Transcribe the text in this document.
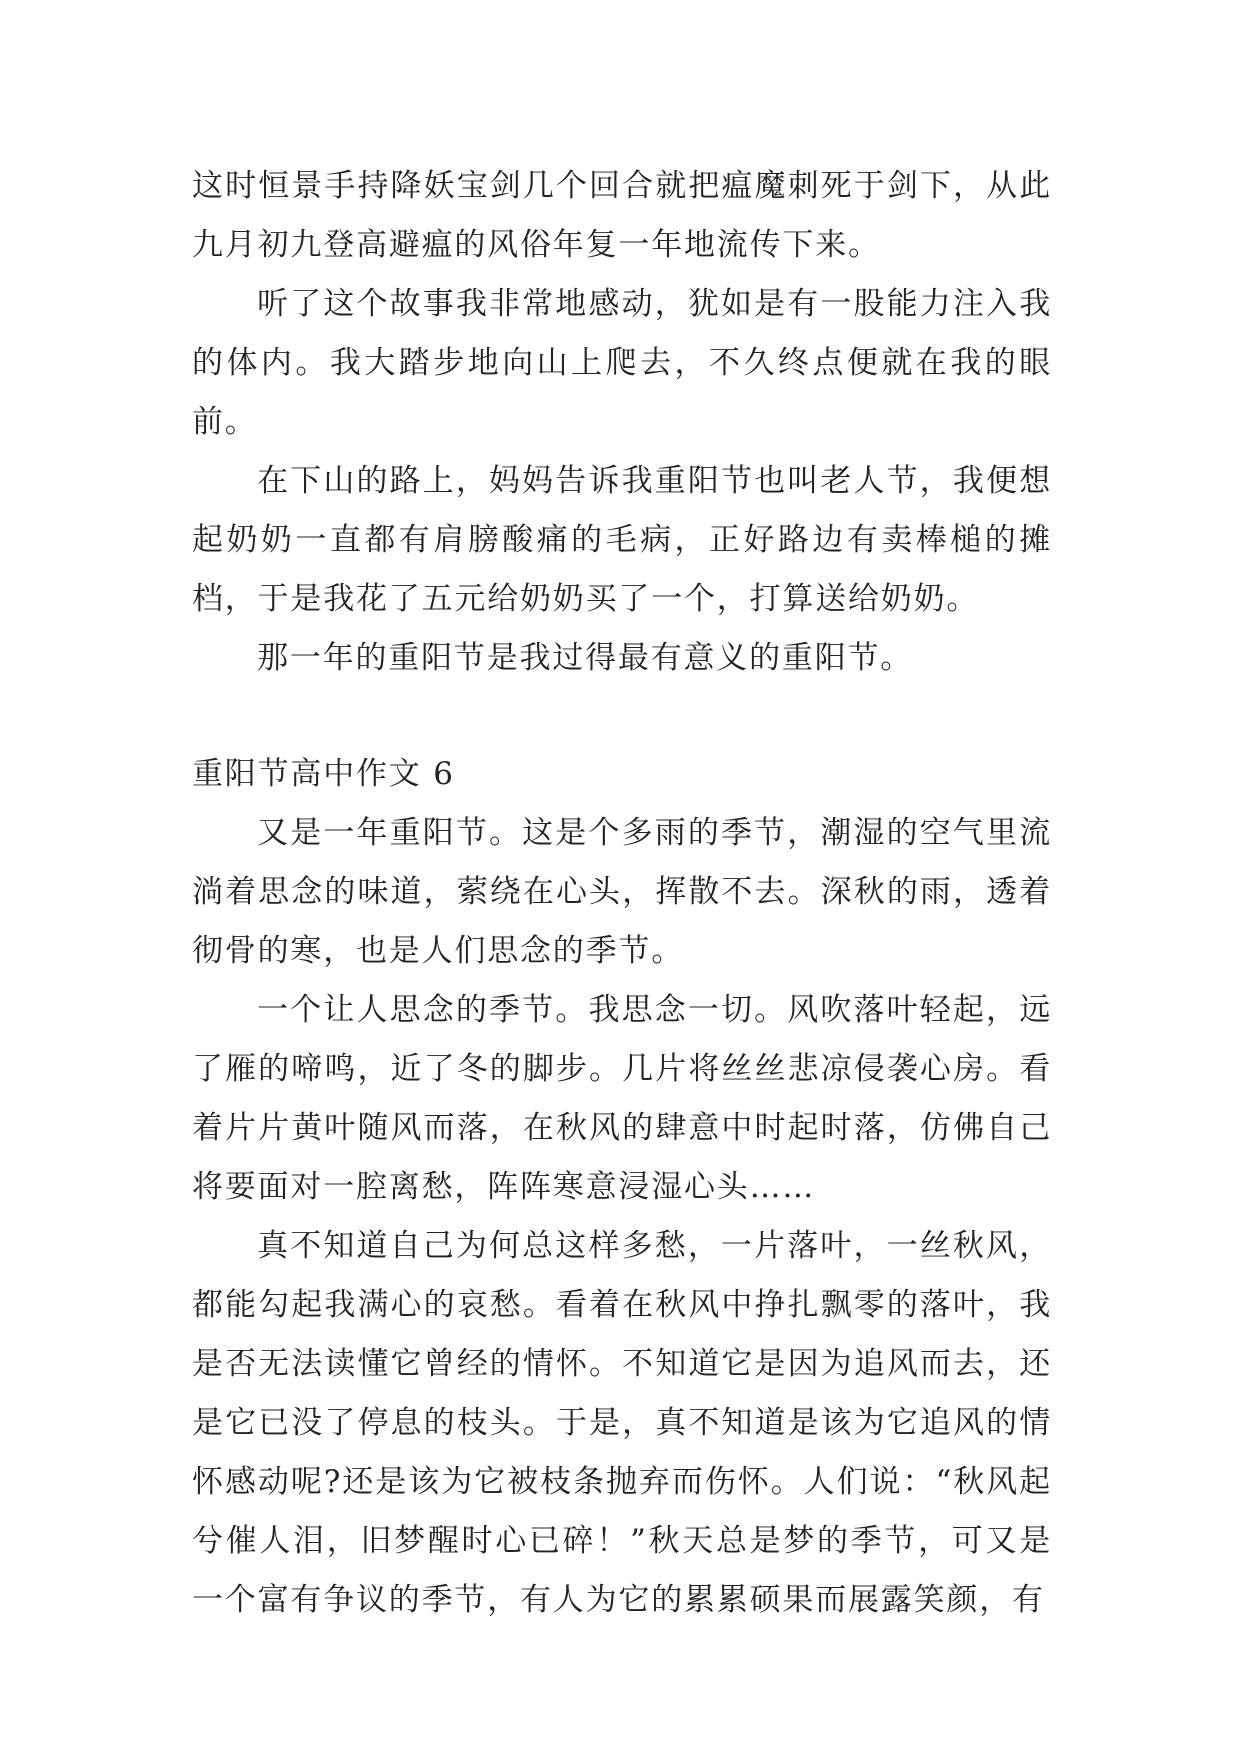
这时恒景手持降妖宝剑几个回合就把瘟魔刺死于剑下，从此九月初九登高避瘟的风俗年复一年地流传下来。

听了这个故事我非常地感动，犹如是有一股能力注入我的体内。我大踏步地向山上爬去，不久终点便就在我的眼前。

在下山的路上，妈妈告诉我重阳节也叫老人节，我便想起奶奶一直都有肩膀酸痛的毛病，正好路边有卖棒槌的摊档，于是我花了五元给奶奶买了一个，打算送给奶奶。

那一年的重阳节是我过得最有意义的重阳节。

重阳节高中作文 6

又是一年重阳节。这是个多雨的季节，潮湿的空气里流淌着思念的味道，萦绕在心头，挥散不去。深秋的雨，透着彻骨的寒，也是人们思念的季节。

一个让人思念的季节。我思念一切。风吹落叶轻起，远了雁的啼鸣，近了冬的脚步。几片将丝丝悲凉侵袭心房。看着片片黄叶随风而落，在秋风的肆意中时起时落，仿佛自己将要面对一腔离愁，阵阵寒意浸湿心头……

真不知道自己为何总这样多愁，一片落叶，一丝秋风，都能勾起我满心的哀愁。看着在秋风中挣扎飘零的落叶，我是否无法读懂它曾经的情怀。不知道它是因为追风而去，还是它已没了停息的枝头。于是，真不知道是该为它追风的情怀感动呢?还是该为它被枝条抛弃而伤怀。人们说：“秋风起兮催人泪，旧梦醒时心已碎！”秋天总是梦的季节，可又是一个富有争议的季节，有人为它的累累硕果而展露笑颜，有
